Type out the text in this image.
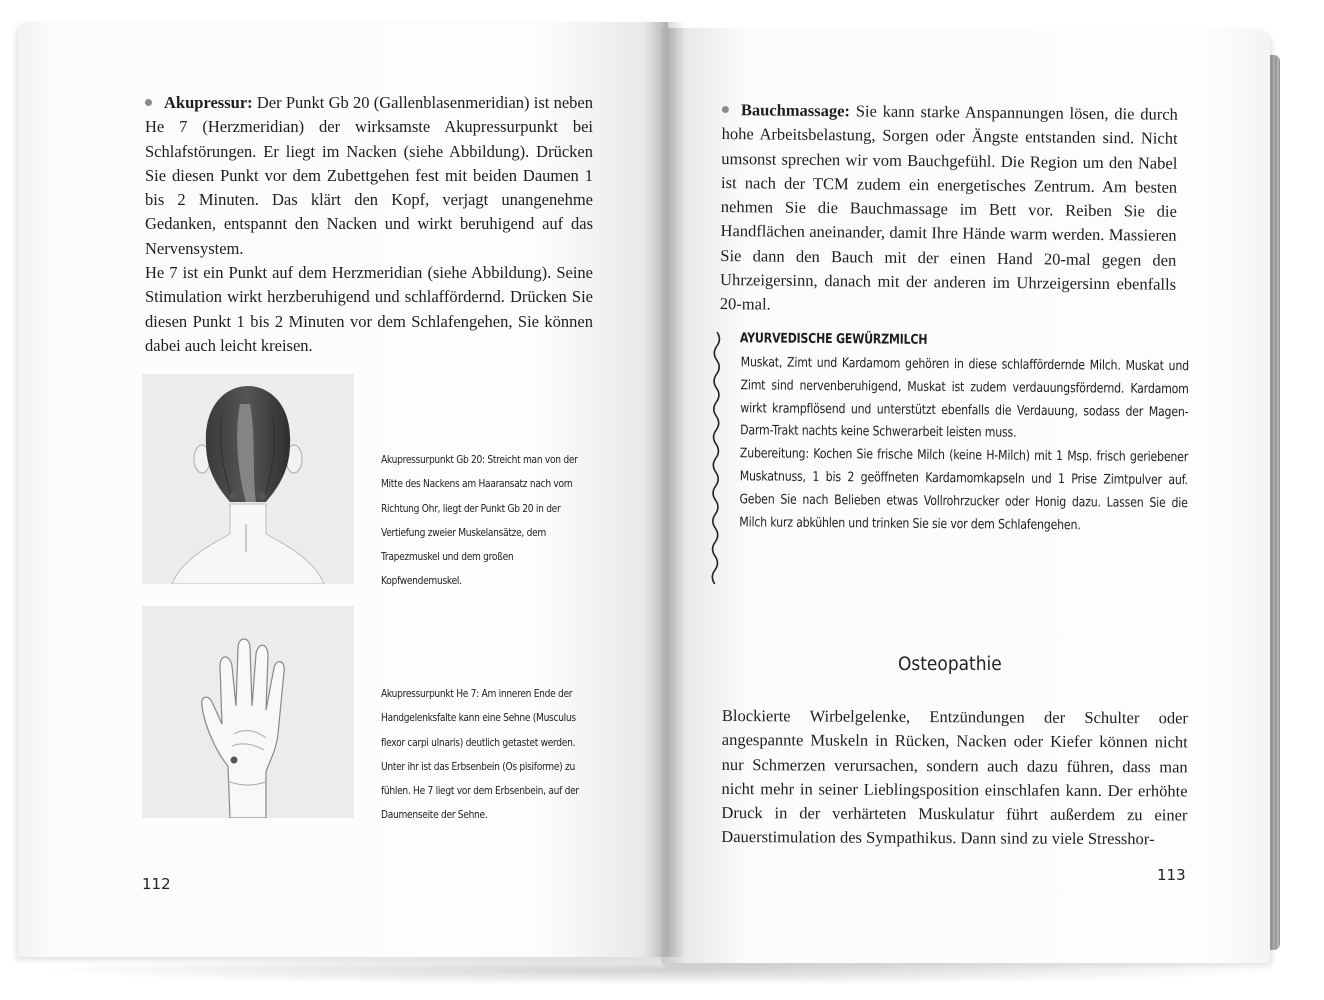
Akupressur: Der Punkt Gb 20 (Gallenblasenmeridian) ist neben He 7 (Herzmeridian) der wirksamste Akupressurpunkt bei Schlafstörungen. Er liegt im Nacken (siehe Abbildung). Drücken Sie diesen Punkt vor dem Zubettgehen fest mit beiden Daumen 1 bis 2 Minuten. Das klärt den Kopf, verjagt unangenehme Gedanken, entspannt den Nacken und wirkt beruhigend auf das Nervensystem.

He 7 ist ein Punkt auf dem Herzmeridian (siehe Abbildung). Seine Stimulation wirkt herzberuhigend und schlaffördernd. Drücken Sie diesen Punkt 1 bis 2 Minuten vor dem Schlafengehen, Sie können dabei auch leicht kreisen.

Akupressurpunkt Gb 20: Streicht man von der Mitte des Nackens am Haaransatz nach vorn Richtung Ohr, liegt der Punkt Gb 20 in der Vertiefung zweier Muskelansätze, dem Trapezmuskel und dem großen Kopfwendemuskel.
Akupressurpunkt He 7: Am inneren Ende der Handgelenksfalte kann eine Sehne (Musculus flexor carpi ulnaris) deutlich getastet werden. Unter ihr ist das Erbsenbein (Os pisiforme) zu fühlen. He 7 liegt vor dem Erbsenbein, auf der Daumenseite der Sehne.
112

Bauchmassage: Sie kann starke Anspannungen lösen, die durch hohe Arbeitsbelastung, Sorgen oder Ängste entstanden sind. Nicht umsonst sprechen wir vom Bauchgefühl. Die Region um den Nabel ist nach der TCM zudem ein energetisches Zentrum. Am besten nehmen Sie die Bauchmassage im Bett vor. Reiben Sie die Handflächen aneinander, damit Ihre Hände warm werden. Massieren Sie dann den Bauch mit der einen Hand 20-mal gegen den Uhrzeigersinn, danach mit der anderen im Uhrzeigersinn ebenfalls 20-mal.

AYURVEDISCHE GEWÜRZMILCH

Muskat, Zimt und Kardamom gehören in diese schlaffördernde Milch. Muskat und Zimt sind nervenberuhigend, Muskat ist zudem verdauungsfördernd. Kardamom wirkt krampflösend und unterstützt ebenfalls die Verdauung, sodass der Magen-Darm-Trakt nachts keine Schwerarbeit leisten muss.

Zubereitung: Kochen Sie frische Milch (keine H-Milch) mit 1 Msp. frisch geriebener Muskatnuss, 1 bis 2 geöffneten Kardamomkapseln und 1 Prise Zimtpulver auf. Geben Sie nach Belieben etwas Vollrohrzucker oder Honig dazu. Lassen Sie die Milch kurz abkühlen und trinken Sie sie vor dem Schlafengehen.

Osteopathie

Blockierte Wirbelgelenke, Entzündungen der Schulter oder angespannte Muskeln in Rücken, Nacken oder Kiefer können nicht nur Schmerzen verursachen, sondern auch dazu führen, dass man nicht mehr in seiner Lieblingsposition einschlafen kann. Der erhöhte Druck in der verhärteten Muskulatur führt außerdem zu einer Dauerstimulation des Sympathikus. Dann sind zu viele Stresshor-

113
